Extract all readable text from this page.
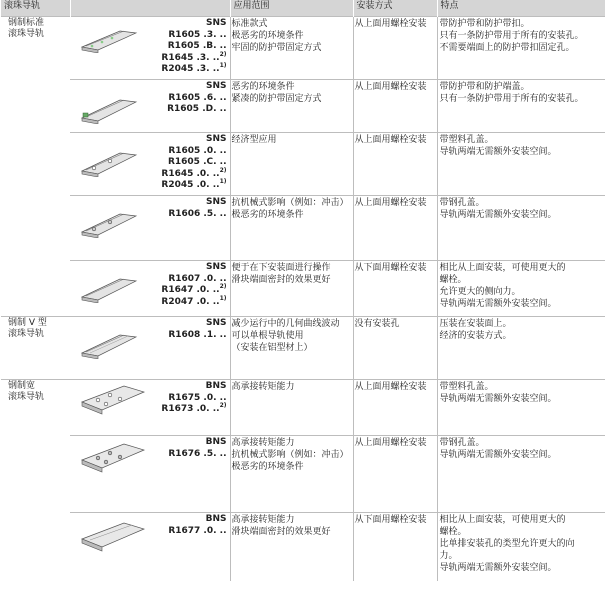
滚珠导轨		应用范围	安装方式	特点

钢制标准
滚珠导轨	SNS
R1605 .3. ..
R1605 .B. ..
R1645 .3. ..$^{2)}$
R2045 .3. ..$^{1)}$	标准款式
极恶劣的环境条件
牢固的防护带固定方式	从上面用螺栓安装	带防护带和防护带扣。
只有一条防护带用于所有的安装孔。
不需要端面上的防护带扣固定孔。

	SNS
R1605 .6. ..
R1605 .D. ..	恶劣的环境条件
紧凑的防护带固定方式	从上面用螺栓安装	带防护带和防护端盖。
只有一条防护带用于所有的安装孔。

	SNS
R1605 .0. ..
R1605 .C. ..
R1645 .0. ..$^{2)}$
R2045 .0. ..$^{1)}$	经济型应用	从上面用螺栓安装	带塑料孔盖。
导轨两端无需额外安装空间。

	SNS
R1606 .5. ..	抗机械式影响（例如：冲击）
极恶劣的环境条件	从上面用螺栓安装	带钢孔盖。
导轨两端无需额外安装空间。

	SNS
R1607 .0. ..
R1647 .0. ..$^{2)}$
R2047 .0. ..$^{1)}$	便于在下安装面进行操作
滑块端面密封的效果更好	从下面用螺栓安装	相比从上面安装，可使用更大的
螺栓。
允许更大的侧向力。
导轨两端无需额外安装空间。

钢制 V 型
滚珠导轨	SNS
R1608 .1. ..	减少运行中的几何曲线波动
可以单根导轨使用
（安装在铝型材上）	没有安装孔	压装在安装面上。
经济的安装方式。

钢制宽
滚珠导轨	BNS
R1675 .0. ..
R1673 .0. ..$^{2)}$	高承接转矩能力	从上面用螺栓安装	带塑料孔盖。
导轨两端无需额外安装空间。

	BNS
R1676 .5. ..	高承接转矩能力
抗机械式影响（例如：冲击）
极恶劣的环境条件	从上面用螺栓安装	带钢孔盖。
导轨两端无需额外安装空间。

	BNS
R1677 .0. ..	高承接转矩能力
滑块端面密封的效果更好	从下面用螺栓安装	相比从上面安装，可使用更大的
螺栓。
比单排安装孔的类型允许更大的向
力。
导轨两端无需额外安装空间。
